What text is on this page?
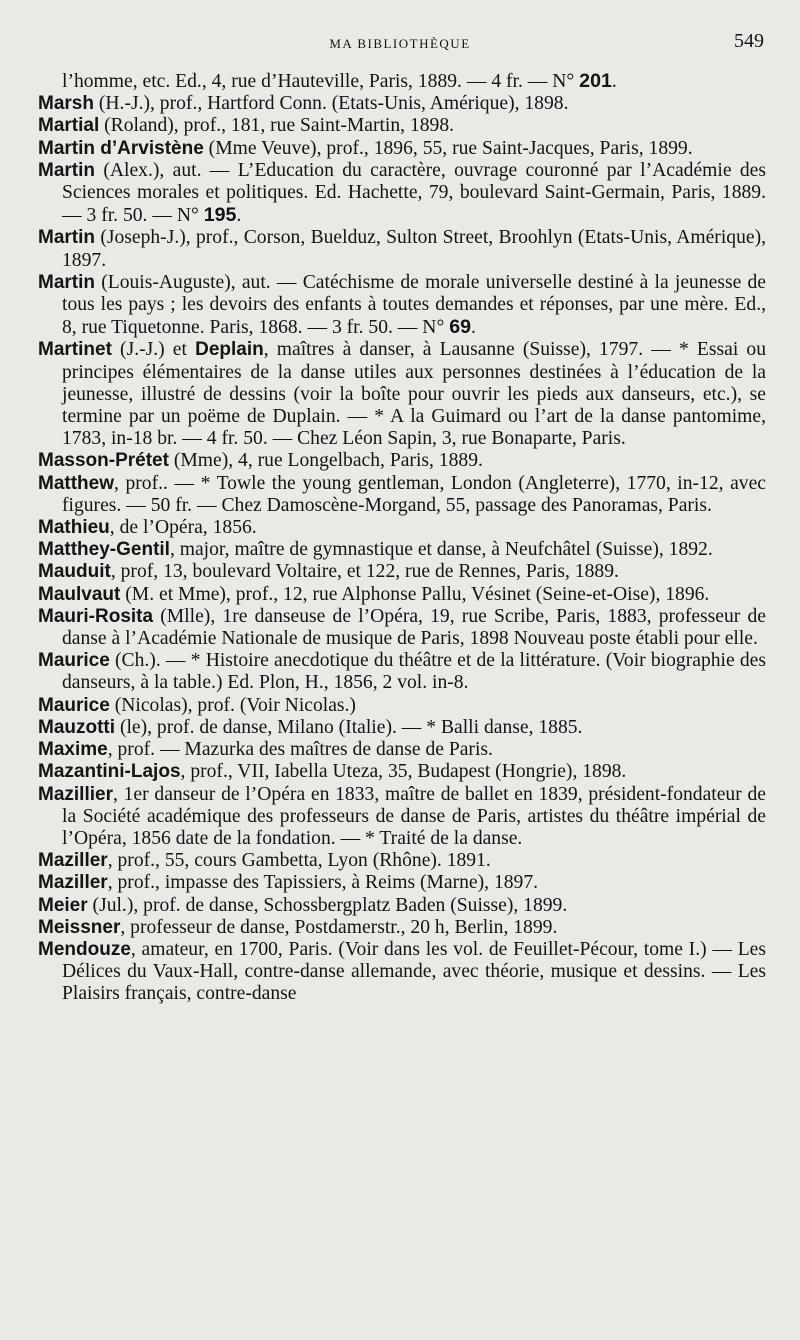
MA BIBLIOTHÈQUE	549

l’homme, etc. Ed., 4, rue d’Hauteville, Paris, 1889. — 4 fr. — N° 201.

Marsh (H.-J.), prof., Hartford Conn. (Etats-Unis, Amérique), 1898.

Martial (Roland), prof., 181, rue Saint-Martin, 1898.

Martin d’Arvistène (Mme Veuve), prof., 1896, 55, rue Saint-Jacques, Paris, 1899.

Martin (Alex.), aut. — L’Education du caractère, ouvrage couronné par l’Académie des Sciences morales et politiques. Ed. Hachette, 79, boulevard Saint-Germain, Paris, 1889. — 3 fr. 50. — N° 195.

Martin (Joseph-J.), prof., Corson, Buelduz, Sulton Street, Broohlyn (Etats-Unis, Amérique), 1897.

Martin (Louis-Auguste), aut. — Catéchisme de morale universelle destiné à la jeunesse de tous les pays ; les devoirs des enfants à toutes demandes et réponses, par une mère. Ed., 8, rue Tiquetonne. Paris, 1868. — 3 fr. 50. — N° 69.

Martinet (J.-J.) et Deplain, maîtres à danser, à Lausanne (Suisse), 1797. — * Essai ou principes élémentaires de la danse utiles aux personnes destinées à l’éducation de la jeunesse, illustré de dessins (voir la boîte pour ouvrir les pieds aux danseurs, etc.), se termine par un poëme de Duplain. — * A la Guimard ou l’art de la danse pantomime, 1783, in-18 br. — 4 fr. 50. — Chez Léon Sapin, 3, rue Bonaparte, Paris.

Masson-Prétet (Mme), 4, rue Longelbach, Paris, 1889.

Matthew, prof.. — * Towle the young gentleman, London (Angleterre), 1770, in-12, avec figures. — 50 fr. — Chez Damoscène-Morgand, 55, passage des Panoramas, Paris.

Mathieu, de l’Opéra, 1856.

Matthey-Gentil, major, maître de gymnastique et danse, à Neufchâtel (Suisse), 1892.

Mauduit, prof, 13, boulevard Voltaire, et 122, rue de Rennes, Paris, 1889.

Maulvaut (M. et Mme), prof., 12, rue Alphonse Pallu, Vésinet (Seine-et-Oise), 1896.

Mauri-Rosita (Mlle), 1re danseuse de l’Opéra, 19, rue Scribe, Paris, 1883, professeur de danse à l’Académie Nationale de musique de Paris, 1898 Nouveau poste établi pour elle.

Maurice (Ch.). — * Histoire anecdotique du théâtre et de la littérature. (Voir biographie des danseurs, à la table.) Ed. Plon, H., 1856, 2 vol. in-8.

Maurice (Nicolas), prof. (Voir Nicolas.)

Mauzotti (le), prof. de danse, Milano (Italie). — * Balli danse, 1885.

Maxime, prof. — Mazurka des maîtres de danse de Paris.

Mazantini-Lajos, prof., VII, Iabella Uteza, 35, Budapest (Hongrie), 1898.

Mazillier, 1er danseur de l’Opéra en 1833, maître de ballet en 1839, président-fondateur de la Société académique des professeurs de danse de Paris, artistes du théâtre impérial de l’Opéra, 1856 date de la fondation. — * Traité de la danse.

Maziller, prof., 55, cours Gambetta, Lyon (Rhône). 1891.

Maziller, prof., impasse des Tapissiers, à Reims (Marne), 1897.

Meier (Jul.), prof. de danse, Schossbergplatz Baden (Suisse), 1899.

Meissner, professeur de danse, Postdamerstr., 20 h, Berlin, 1899.

Mendouze, amateur, en 1700, Paris. (Voir dans les vol. de Feuillet-Pécour, tome I.) — Les Délices du Vaux-Hall, contre-danse allemande, avec théorie, musique et dessins. — Les Plaisirs français, contre-danse
